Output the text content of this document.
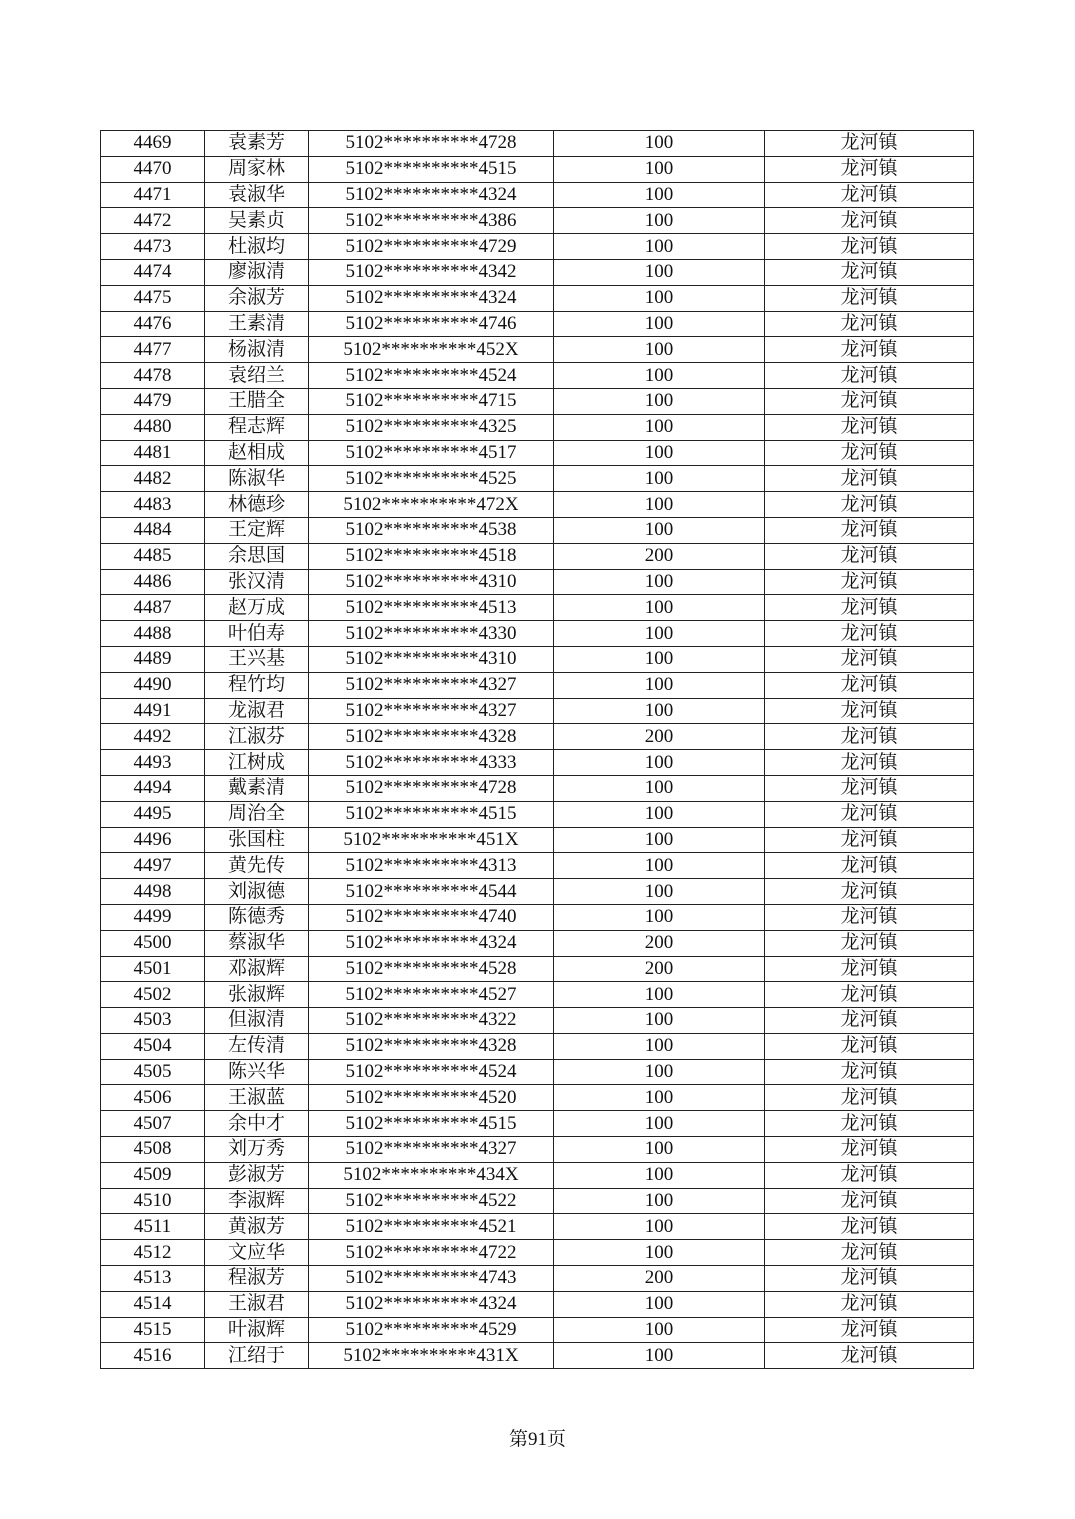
4469	袁素芳	5102**********4728	100	龙河镇
4470	周家林	5102**********4515	100	龙河镇
4471	袁淑华	5102**********4324	100	龙河镇
4472	吴素贞	5102**********4386	100	龙河镇
4473	杜淑均	5102**********4729	100	龙河镇
4474	廖淑清	5102**********4342	100	龙河镇
4475	余淑芳	5102**********4324	100	龙河镇
4476	王素清	5102**********4746	100	龙河镇
4477	杨淑清	5102**********452X	100	龙河镇
4478	袁绍兰	5102**********4524	100	龙河镇
4479	王腊全	5102**********4715	100	龙河镇
4480	程志辉	5102**********4325	100	龙河镇
4481	赵相成	5102**********4517	100	龙河镇
4482	陈淑华	5102**********4525	100	龙河镇
4483	林德珍	5102**********472X	100	龙河镇
4484	王定辉	5102**********4538	100	龙河镇
4485	余思国	5102**********4518	200	龙河镇
4486	张汉清	5102**********4310	100	龙河镇
4487	赵万成	5102**********4513	100	龙河镇
4488	叶伯寿	5102**********4330	100	龙河镇
4489	王兴基	5102**********4310	100	龙河镇
4490	程竹均	5102**********4327	100	龙河镇
4491	龙淑君	5102**********4327	100	龙河镇
4492	江淑芬	5102**********4328	200	龙河镇
4493	江树成	5102**********4333	100	龙河镇
4494	戴素清	5102**********4728	100	龙河镇
4495	周治全	5102**********4515	100	龙河镇
4496	张国柱	5102**********451X	100	龙河镇
4497	黄先传	5102**********4313	100	龙河镇
4498	刘淑德	5102**********4544	100	龙河镇
4499	陈德秀	5102**********4740	100	龙河镇
4500	蔡淑华	5102**********4324	200	龙河镇
4501	邓淑辉	5102**********4528	200	龙河镇
4502	张淑辉	5102**********4527	100	龙河镇
4503	但淑清	5102**********4322	100	龙河镇
4504	左传清	5102**********4328	100	龙河镇
4505	陈兴华	5102**********4524	100	龙河镇
4506	王淑蓝	5102**********4520	100	龙河镇
4507	余中才	5102**********4515	100	龙河镇
4508	刘万秀	5102**********4327	100	龙河镇
4509	彭淑芳	5102**********434X	100	龙河镇
4510	李淑辉	5102**********4522	100	龙河镇
4511	黄淑芳	5102**********4521	100	龙河镇
4512	文应华	5102**********4722	100	龙河镇
4513	程淑芳	5102**********4743	200	龙河镇
4514	王淑君	5102**********4324	100	龙河镇
4515	叶淑辉	5102**********4529	100	龙河镇
4516	江绍于	5102**********431X	100	龙河镇
第91页
